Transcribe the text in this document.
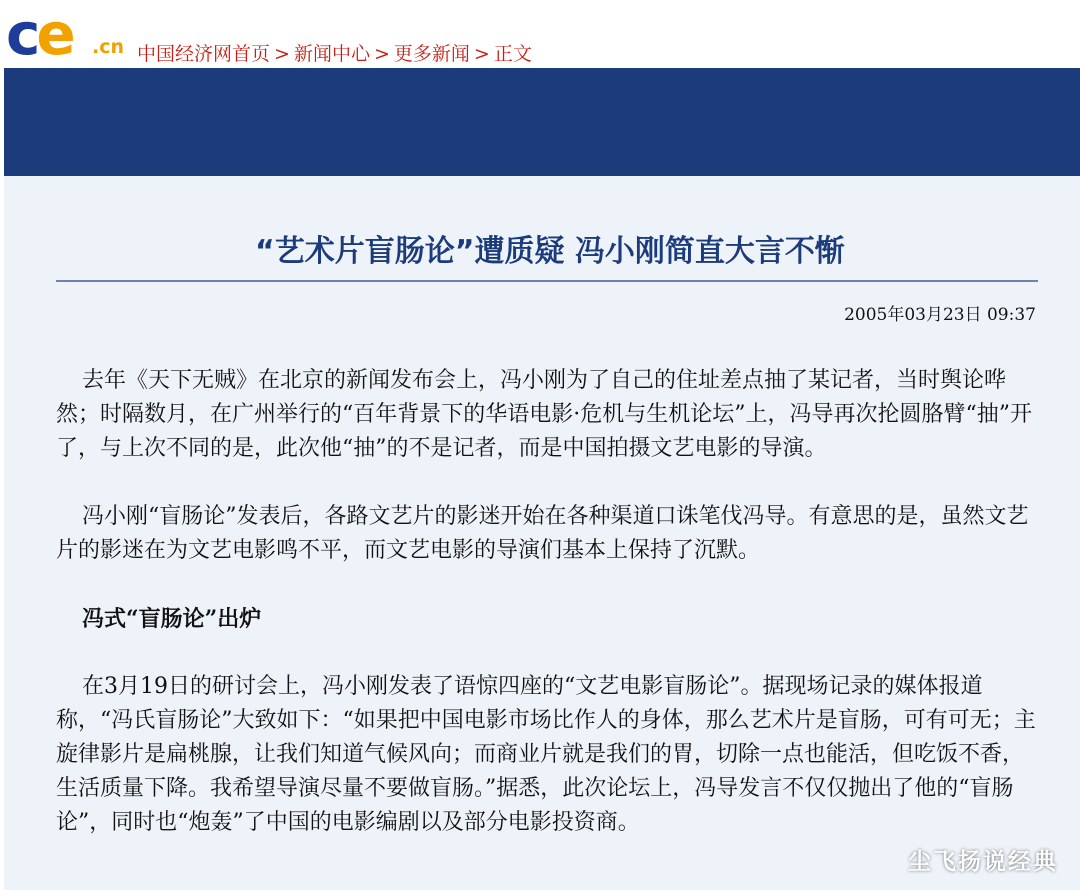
ce .cn 中国经济网首页 > 新闻中心 > 更多新闻 > 正文
“艺术片盲肠论”遭质疑 冯小刚简直大言不惭
2005年03月23日 09:37

去年《天下无贼》在北京的新闻发布会上，冯小刚为了自己的住址差点抽了某记者，当时舆论哗然；时隔数月，在广州举行的“百年背景下的华语电影·危机与生机论坛”上，冯导再次抡圆胳臂“抽”开了，与上次不同的是，此次他“抽”的不是记者，而是中国拍摄文艺电影的导演。

冯小刚“盲肠论”发表后，各路文艺片的影迷开始在各种渠道口诛笔伐冯导。有意思的是，虽然文艺片的影迷在为文艺电影鸣不平，而文艺电影的导演们基本上保持了沉默。

冯式“盲肠论”出炉

在3月19日的研讨会上，冯小刚发表了语惊四座的“文艺电影盲肠论”。据现场记录的媒体报道称，“冯氏盲肠论”大致如下：“如果把中国电影市场比作人的身体，那么艺术片是盲肠，可有可无；主旋律影片是扁桃腺，让我们知道气候风向；而商业片就是我们的胃，切除一点也能活，但吃饭不香，生活质量下降。我希望导演尽量不要做盲肠。”据悉，此次论坛上，冯导发言不仅仅抛出了他的“盲肠论”，同时也“炮轰”了中国的电影编剧以及部分电影投资商。

尘飞扬说经典
